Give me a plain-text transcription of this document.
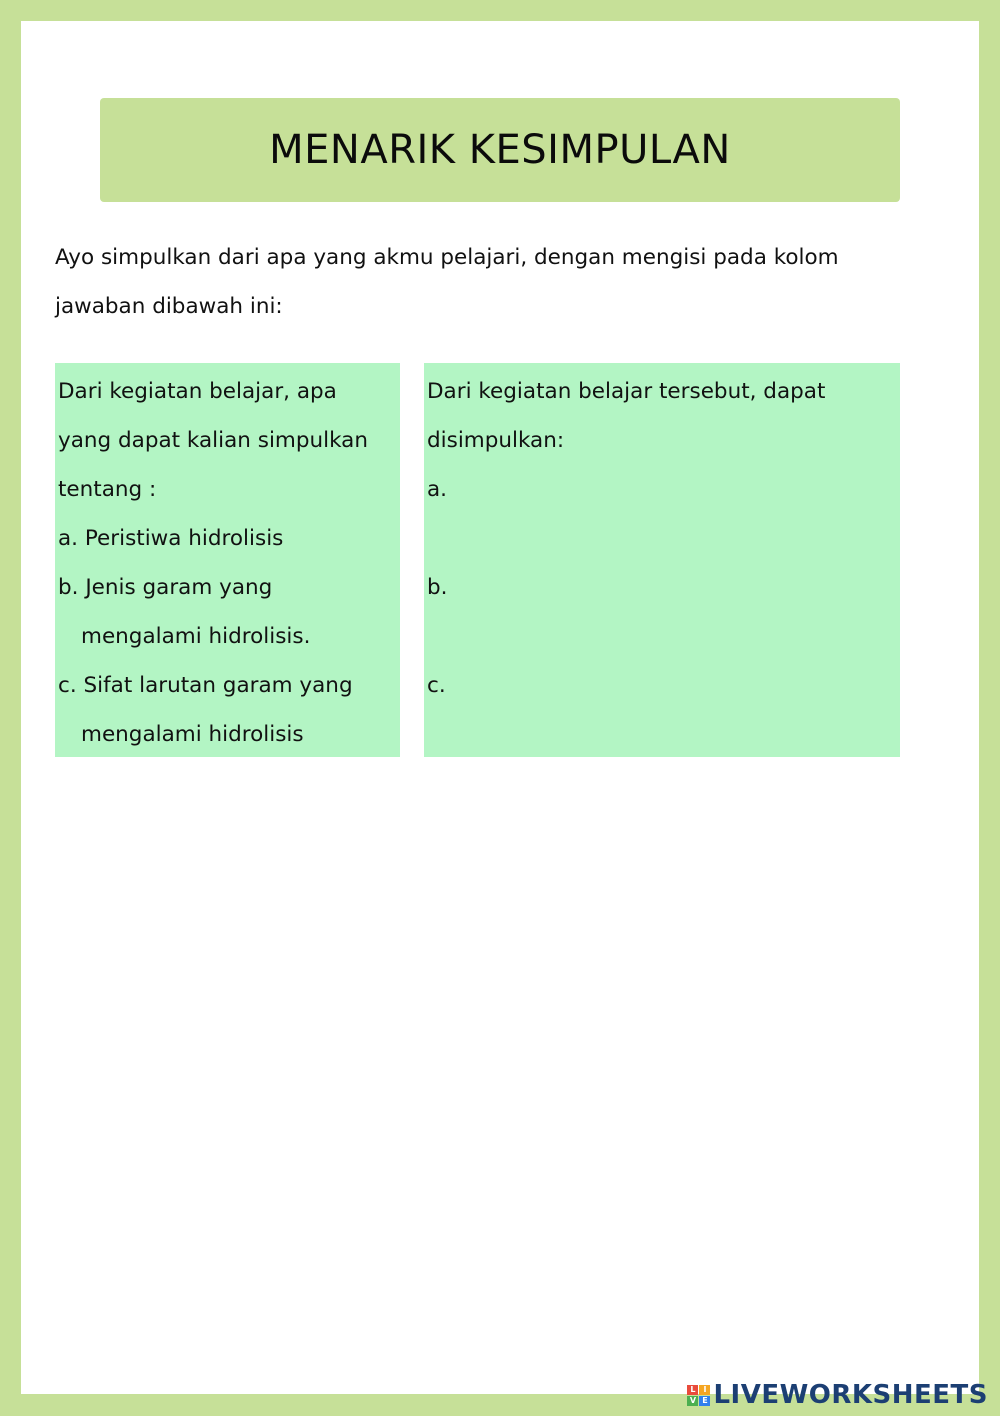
MENARIK KESIMPULAN

Ayo simpulkan dari apa yang akmu pelajari, dengan mengisi pada kolom
jawaban dibawah ini:

Dari kegiatan belajar, apa
yang dapat kalian simpulkan
tentang :
a. Peristiwa hidrolisis
b. Jenis garam yang
mengalami hidrolisis.
c. Sifat larutan garam yang
mengalami hidrolisis

Dari kegiatan belajar tersebut, dapat
disimpulkan:
a.
b.
c.

L I
V E LIVEWORKSHEETS
